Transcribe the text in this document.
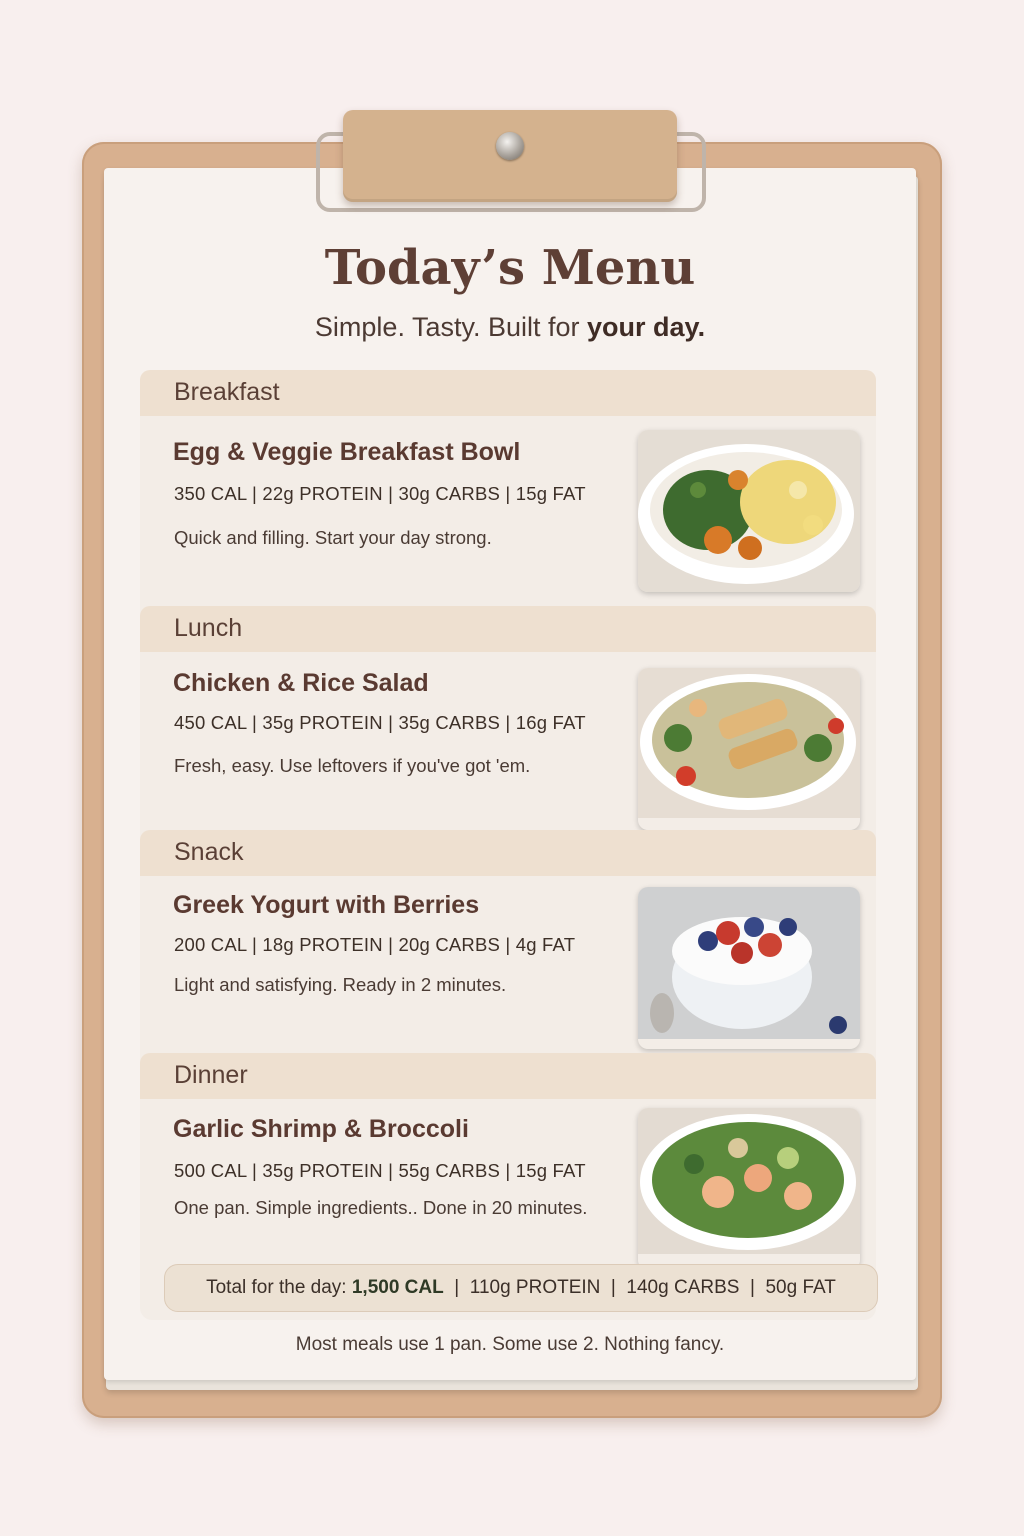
Today’s Menu
Simple. Tasty. Built for your day.
Breakfast
Egg & Veggie Breakfast Bowl
350 CAL | 22g PROTEIN | 30g CARBS | 15g FAT
Quick and filling. Start your day strong.
Lunch
Chicken & Rice Salad
450 CAL | 35g PROTEIN | 35g CARBS | 16g FAT
Fresh, easy. Use leftovers if you've got 'em.
Snack
Greek Yogurt with Berries
200 CAL | 18g PROTEIN | 20g CARBS | 4g FAT
Light and satisfying. Ready in 2 minutes.
Dinner
Garlic Shrimp & Broccoli
500 CAL | 35g PROTEIN | 55g CARBS | 15g FAT
One pan. Simple ingredients.. Done in 20 minutes.
Total for the day: 1,500 CAL  |  110g PROTEIN  |  140g CARBS  |  50g FAT
Most meals use 1 pan. Some use 2. Nothing fancy.
